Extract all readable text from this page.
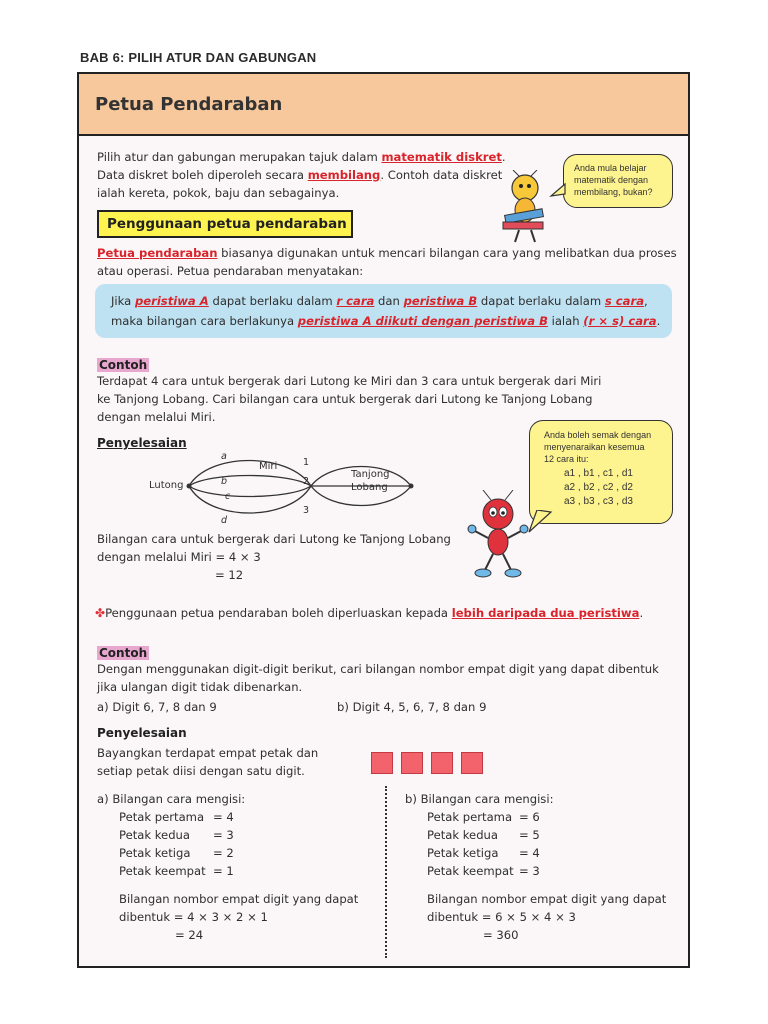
BAB 6: PILIH ATUR DAN GABUNGAN
Petua Pendaraban
Pilih atur dan gabungan merupakan tajuk dalam matematik diskret.
Data diskret boleh diperoleh secara membilang. Contoh data diskret
ialah kereta, pokok, baju dan sebagainya.
Anda mula belajar
matematik dengan
membilang, bukan?
Penggunaan petua pendaraban
Petua pendaraban biasanya digunakan untuk mencari bilangan cara yang melibatkan dua proses
atau operasi. Petua pendaraban menyatakan:
Jika peristiwa A dapat berlaku dalam r cara dan peristiwa B dapat berlaku dalam s cara,
maka bilangan cara berlakunya peristiwa A diikuti dengan peristiwa B ialah (r × s) cara.
Contoh
Terdapat 4 cara untuk bergerak dari Lutong ke Miri dan 3 cara untuk bergerak dari Miri
ke Tanjong Lobang. Cari bilangan cara untuk bergerak dari Lutong ke Tanjong Lobang
dengan melalui Miri.
Penyelesaian
Lutong
Miri
Tanjong
Lobang
a
b
c
d
1
2
3
Anda boleh semak dengan
menyenaraikan kesemua
12 cara itu:
a1 , b1 , c1 , d1
a2 , b2 , c2 , d2
a3 , b3 , c3 , d3
Bilangan cara untuk bergerak dari Lutong ke Tanjong Lobang
dengan melalui Miri = 4 × 3
= 12
✤Penggunaan petua pendaraban boleh diperluaskan kepada lebih daripada dua peristiwa.
Contoh
Dengan menggunakan digit-digit berikut, cari bilangan nombor empat digit yang dapat dibentuk
jika ulangan digit tidak dibenarkan.
a) Digit 6, 7, 8 dan 9	b) Digit 4, 5, 6, 7, 8 dan 9
Penyelesaian
Bayangkan terdapat empat petak dan
setiap petak diisi dengan satu digit.
a) Bilangan cara mengisi:
Petak pertama = 4
Petak kedua = 3
Petak ketiga = 2
Petak keempat = 1
Bilangan nombor empat digit yang dapat
dibentuk = 4 × 3 × 2 × 1
= 24
b) Bilangan cara mengisi:
Petak pertama = 6
Petak kedua = 5
Petak ketiga = 4
Petak keempat = 3
Bilangan nombor empat digit yang dapat
dibentuk = 6 × 5 × 4 × 3
= 360
